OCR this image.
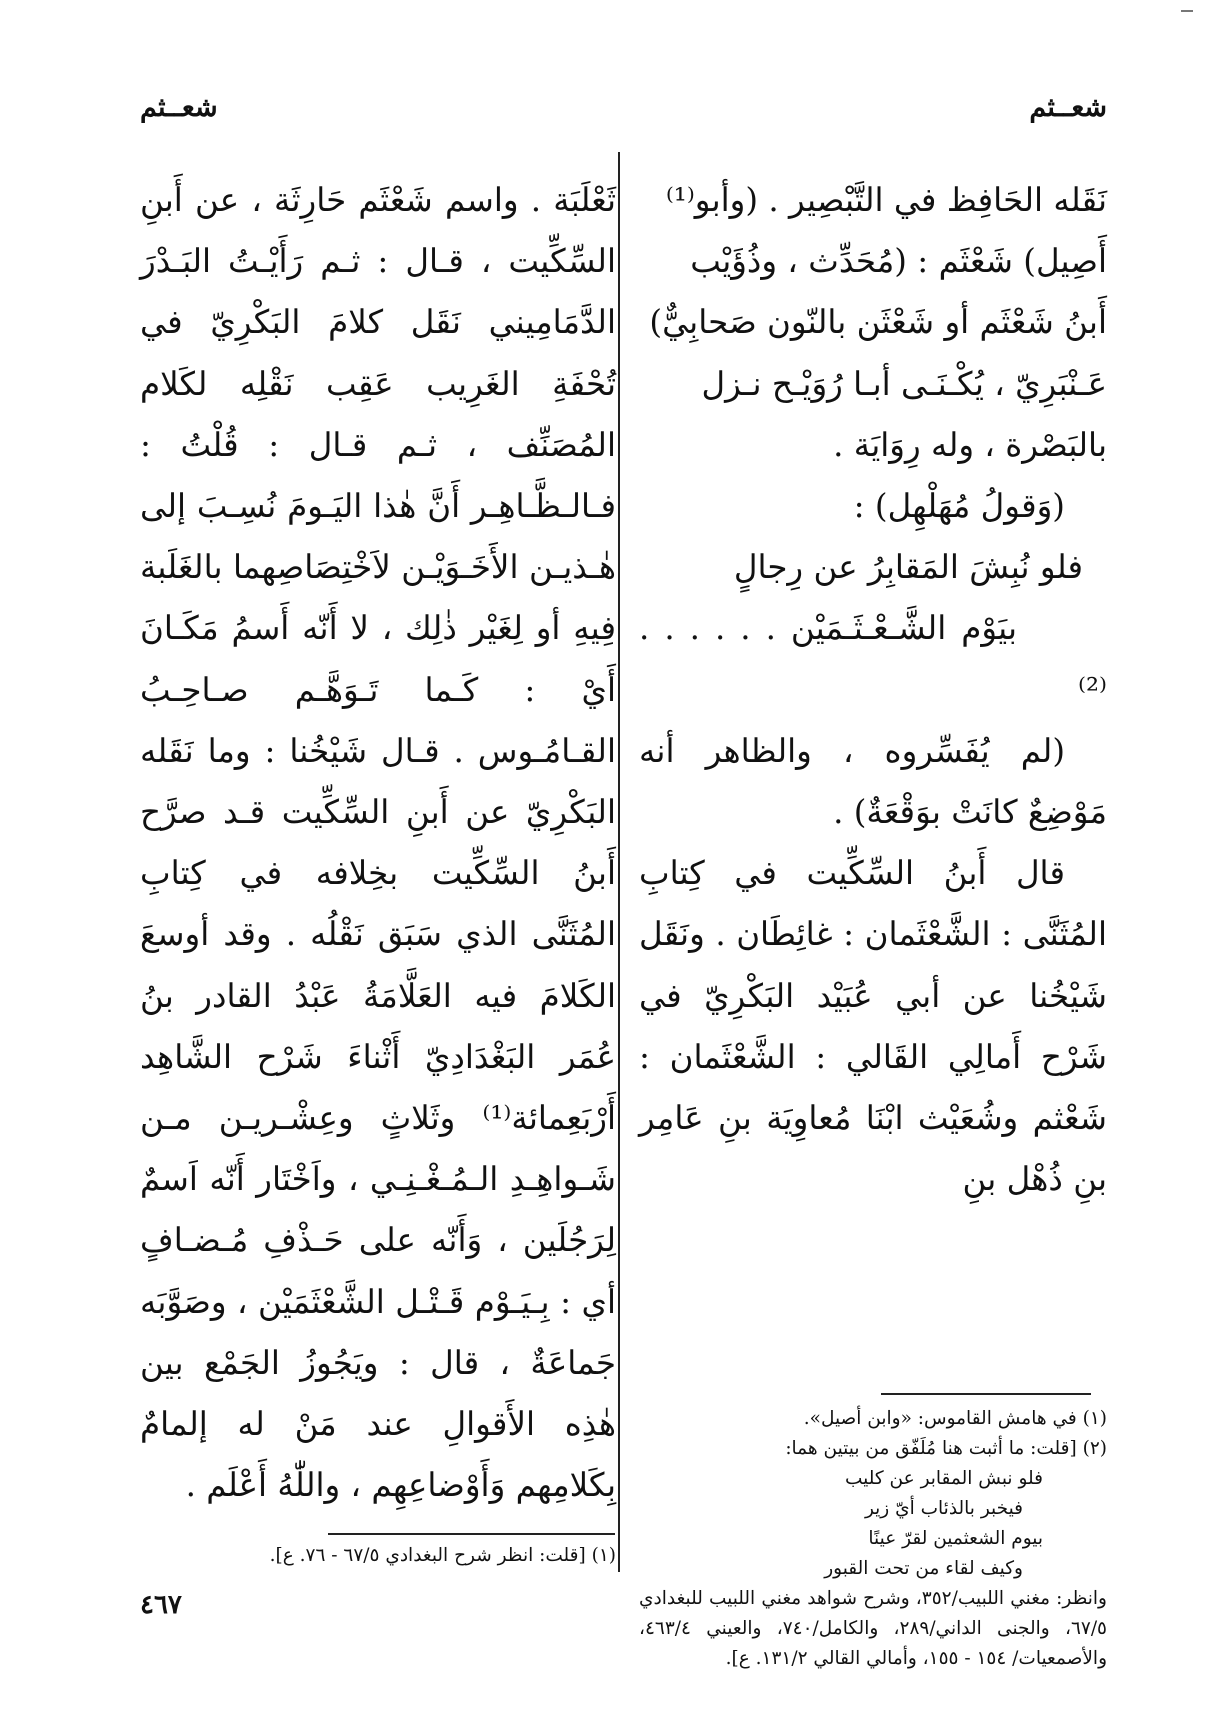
شعــثم
شعــثم

نَقَله الحَافِظ في التَّبْصِير . (وأبو⁽¹⁾

أَصِيل) شَعْثَم : (مُحَدِّث ، وذُؤَيْب

أَبنُ شَعْثَم أو شَعْثَن بالنّون صَحابِيٌّ)

عَـنْبَرِيّ ، يُكْـنَـى أبـا رُوَيْـح نـزل

بالبَصْرة ، وله رِوَايَة .

(وَقولُ مُهَلْهِل) :

فلو نُبِشَ المَقابِرُ عن رِجالٍ

بيَوْم الشَّـعْـثَـمَيْن . . . . . . ⁽²⁾

(لم يُفَسِّروه ، والظاهر أنه مَوْضِعٌ كانَتْ بوَقْعَةٌ) .

قال أَبنُ السِّكِّيت في كِتابِ المُثَنَّى : الشَّعْثَمان : غائِطَان . ونَقَل شَيْخُنا عن أبي عُبَيْد البَكْرِيّ في شَرْح أَمالِي القَالي : الشَّعْثَمان : شَعْثم وشُعَيْث ابْنَا مُعاوِيَة بنِ عَامِر بنِ ذُهْل بنِ

ثَعْلَبَة . واسم شَعْثَم حَارِثَة ، عن أَبنِ السِّكِّيت ، قـال : ثـم رَأَيْـتُ البَـدْرَ الدَّمَامِيني نَقَل كلامَ البَكْرِيّ في تُحْفَةِ الغَرِيب عَقِب نَقْلِه لكَلام المُصَنِّف ، ثـم قـال : قُلْتُ : فـالـظَّـاهِـر أَنَّ هٰذا اليَـومَ نُسِـبَ إلى هٰـذيـن الأَخَـوَيْـن لاَخْتِصَاصِهما بالغَلَبة فِيهِ أو لِغَيْر ذٰلِك ، لا أَنّه أَسمُ مَكَـانَ أَيْ : كَـما تَـوَهَّـم صـاحِـبُ القـامُـوس . قـال شَيْخُنا : وما نَقَله البَكْرِيّ عن أَبنِ السِّكِّيت قـد صرَّح أَبنُ السِّكِّيت بخِلافه في كِتابِ المُثَنَّى الذي سَبَق نَقْلُه . وقد أوسعَ الكَلامَ فيه العَلَّامَةُ عَبْدُ القادر بنُ عُمَر البَغْدَادِيّ أَثْناءَ شَرْح الشَّاهِد أَرْبَعِمائة⁽¹⁾ وثَلاثٍ وعِشْـريـن مـن شَـواهِـدِ الـمُـغْـنِـي ، واَخْتَار أَنّه اَسمٌ لِرَجُلَين ، وَأَنّه على حَـذْفِ مُـضـافٍ أي : بِـيَـوْم قَـتْـل الشَّعْثَمَيْن ، وصَوَّبَه جَماعَةٌ ، قال : ويَجُوزُ الجَمْع بين هٰذِه الأَقوالِ عند مَنْ له إلمامٌ بِكَلامِهم وَأَوْضاعِهِم ، واللّٰهُ أَعْلَم .

(١) في هامش القاموس: «وابن أصيل».

(٢) [قلت: ما أثبت هنا مُلَفّق من بيتين هما:

فلو نبش المقابر عن كليب

فيخبر بالذئاب أيّ زير

بيوم الشعثمين لقرّ عينًا

وكيف لقاء من تحت القبور

وانظر: مغني اللبيب/٣٥٢، وشرح شواهد مغني اللبيب للبغدادي ٦٧/٥، والجنى الداني/٢٨٩، والكامل/٧٤٠، والعيني ٤٦٣/٤، والأصمعيات/ ١٥٤ - ١٥٥، وأمالي القالي ١٣١/٢. ع].

(١) [قلت: انظر شرح البغدادي ٦٧/٥ - ٧٦. ع].

٤٦٧
